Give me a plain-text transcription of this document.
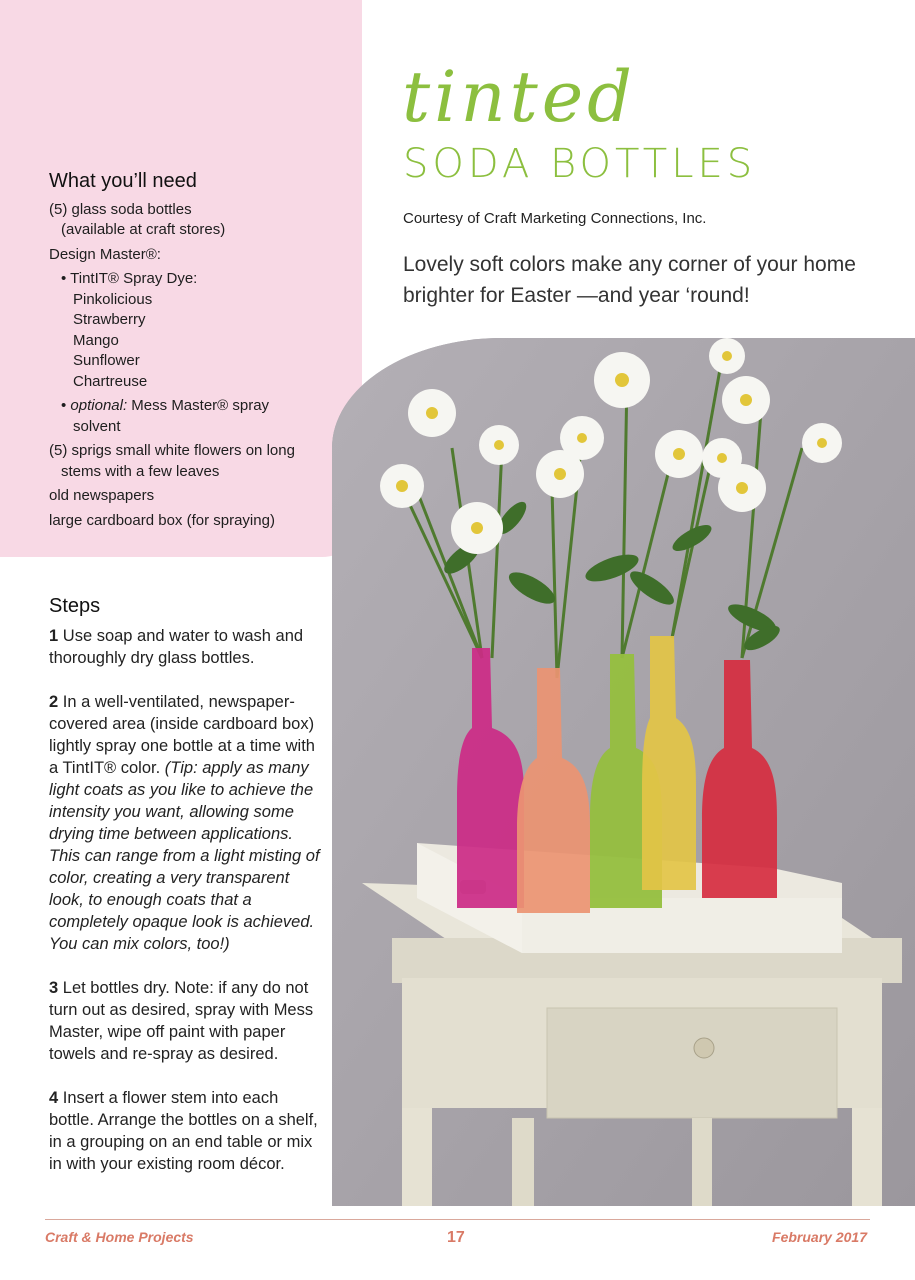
tinted
SODA BOTTLES
Courtesy of Craft Marketing Connections, Inc.
Lovely soft colors make any corner of your home brighter for Easter —and year ‘round!
What you’ll need
(5) glass soda bottles
(available at craft stores)
Design Master®:
• TintIT® Spray Dye:
Pinkolicious
Strawberry
Mango
Sunflower
Chartreuse
• optional: Mess Master® spray
solvent
(5) sprigs small white flowers on long
stems with a few leaves
old newspapers
large cardboard box (for spraying)
Steps

1 Use soap and water to wash and thoroughly dry glass bottles.

2 In a well-ventilated, newspaper-covered area (inside cardboard box) lightly spray one bottle at a time with a TintIT® color. (Tip: apply as many light coats as you like to achieve the intensity you want, allowing some drying time between applications. This can range from a light misting of color, creating a very transparent look, to enough coats that a completely opaque look is achieved. You can mix colors, too!)

3 Let bottles dry. Note: if any do not turn out as desired, spray with Mess Master, wipe off paint with paper towels and re-spray as desired.

4 Insert a flower stem into each bottle. Arrange the bottles on a shelf, in a grouping on an end table or mix in with your existing room décor.

Craft & Home Projects	17	February 2017
